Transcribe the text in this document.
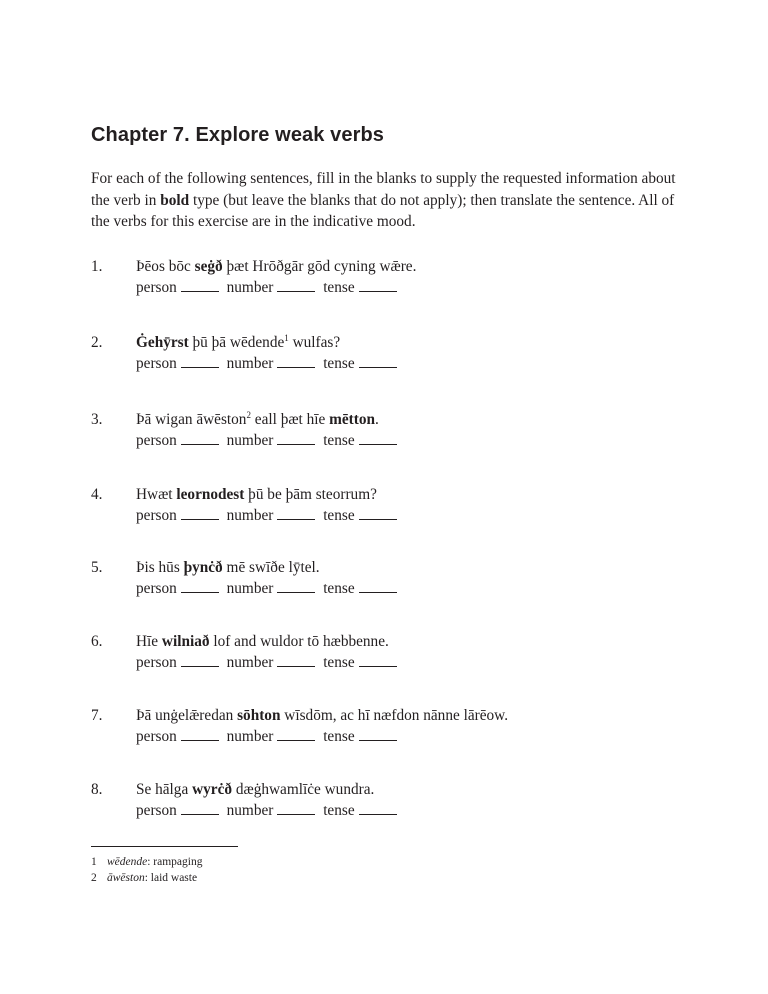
Chapter 7. Explore weak verbs

For each of the following sentences, fill in the blanks to supply the requested information about the verb in bold type (but leave the blanks that do not apply); then translate the sentence. All of the verbs for this exercise are in the indicative mood.

1. Þēos bōc seġð þæt Hrōðgār gōd cyning wǣre.
person	number	tense
2. Ġehȳrst þū þā wēdende$^1$ wulfas?
person	number	tense
3. Þā wigan āwēston$^2$ eall þæt hīe mētton.
person	number	tense
4. Hwæt leornodest þū be þām steorrum?
person	number	tense
5. Þis hūs þynċð mē swīðe lȳtel.
person	number	tense
6. Hīe wilniað lof and wuldor tō hæbbenne.
person	number	tense
7. Þā unġelǣredan sōhton wīsdōm, ac hī næfdon nānne lārēow.
person	number	tense
8. Se hālga wyrċð dæġhwamlīċe wundra.
person	number	tense
1 wēdende: rampaging
2 āwēston: laid waste
